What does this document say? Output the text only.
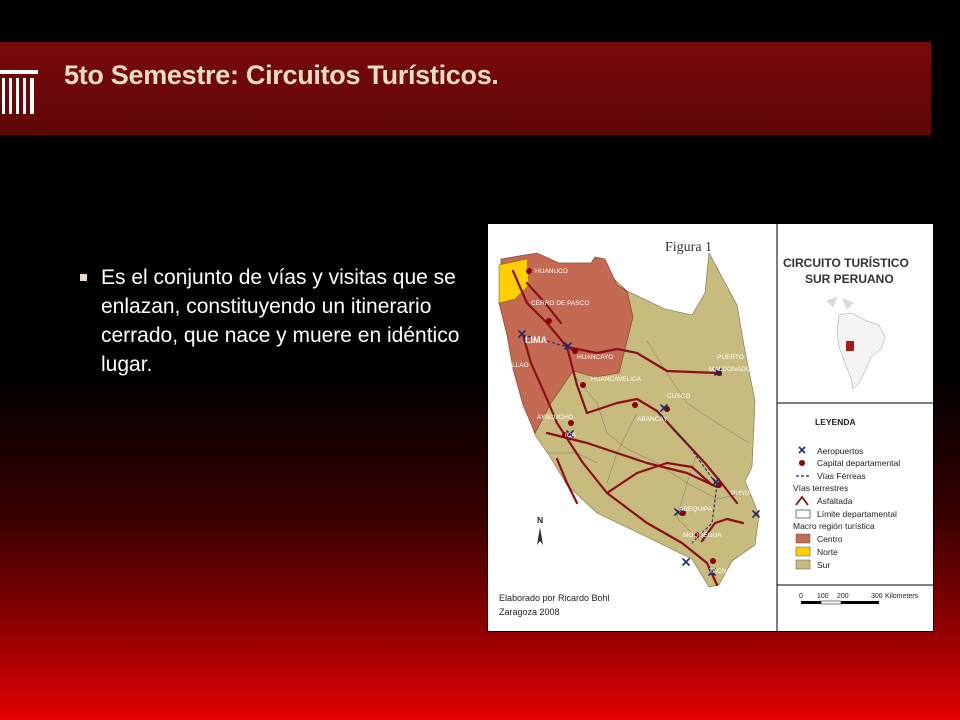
5to Semestre: Circuitos Turísticos.
Es el conjunto de vías y visitas que se enlazan, constituyendo un itinerario cerrado, que nace y muere en idéntico lugar.
HUANUCO
CERRO DE PASCO
LIMA
CALLAO
HUANCAYO
HUANCAVELICA
AYACUCHO
ICA
ABANCAY
CUSCO
PUERTO
MALDONADO
PUNO
AREQUIPA
MOQUEGUA
TACNA
Figura 1
CIRCUITO TURÍSTICO
SUR PERUANO
LEYENDA
Aeropuertos
Capital departamental
Vías Férreas
Vías terrestres
Asfaltada
Límite departamental
Macro región turística
Centro
Norte
Sur
0 100 200	300 Kilometers
N
Elaborado por Ricardo Bohl
Zaragoza 2008
